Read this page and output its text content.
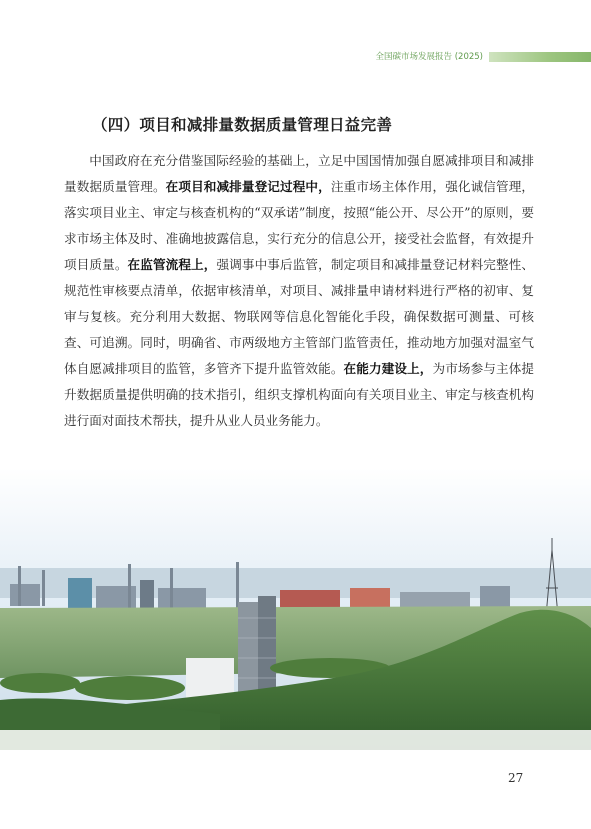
全国碳市场发展报告 (2025)
（四）项目和减排量数据质量管理日益完善

中国政府在充分借鉴国际经验的基础上，立足中国国情加强自愿减排项目和减排量数据质量管理。在项目和减排量登记过程中，注重市场主体作用，强化诚信管理，落实项目业主、审定与核查机构的“双承诺”制度，按照“能公开、尽公开”的原则，要求市场主体及时、准确地披露信息，实行充分的信息公开，接受社会监督，有效提升项目质量。在监管流程上，强调事中事后监管，制定项目和减排量登记材料完整性、规范性审核要点清单，依据审核清单，对项目、减排量申请材料进行严格的初审、复审与复核。充分利用大数据、物联网等信息化智能化手段，确保数据可测量、可核查、可追溯。同时，明确省、市两级地方主管部门监管责任，推动地方加强对温室气体自愿减排项目的监管，多管齐下提升监管效能。在能力建设上，为市场参与主体提升数据质量提供明确的技术指引，组织支撑机构面向有关项目业主、审定与核查机构进行面对面技术帮扶，提升从业人员业务能力。

27
